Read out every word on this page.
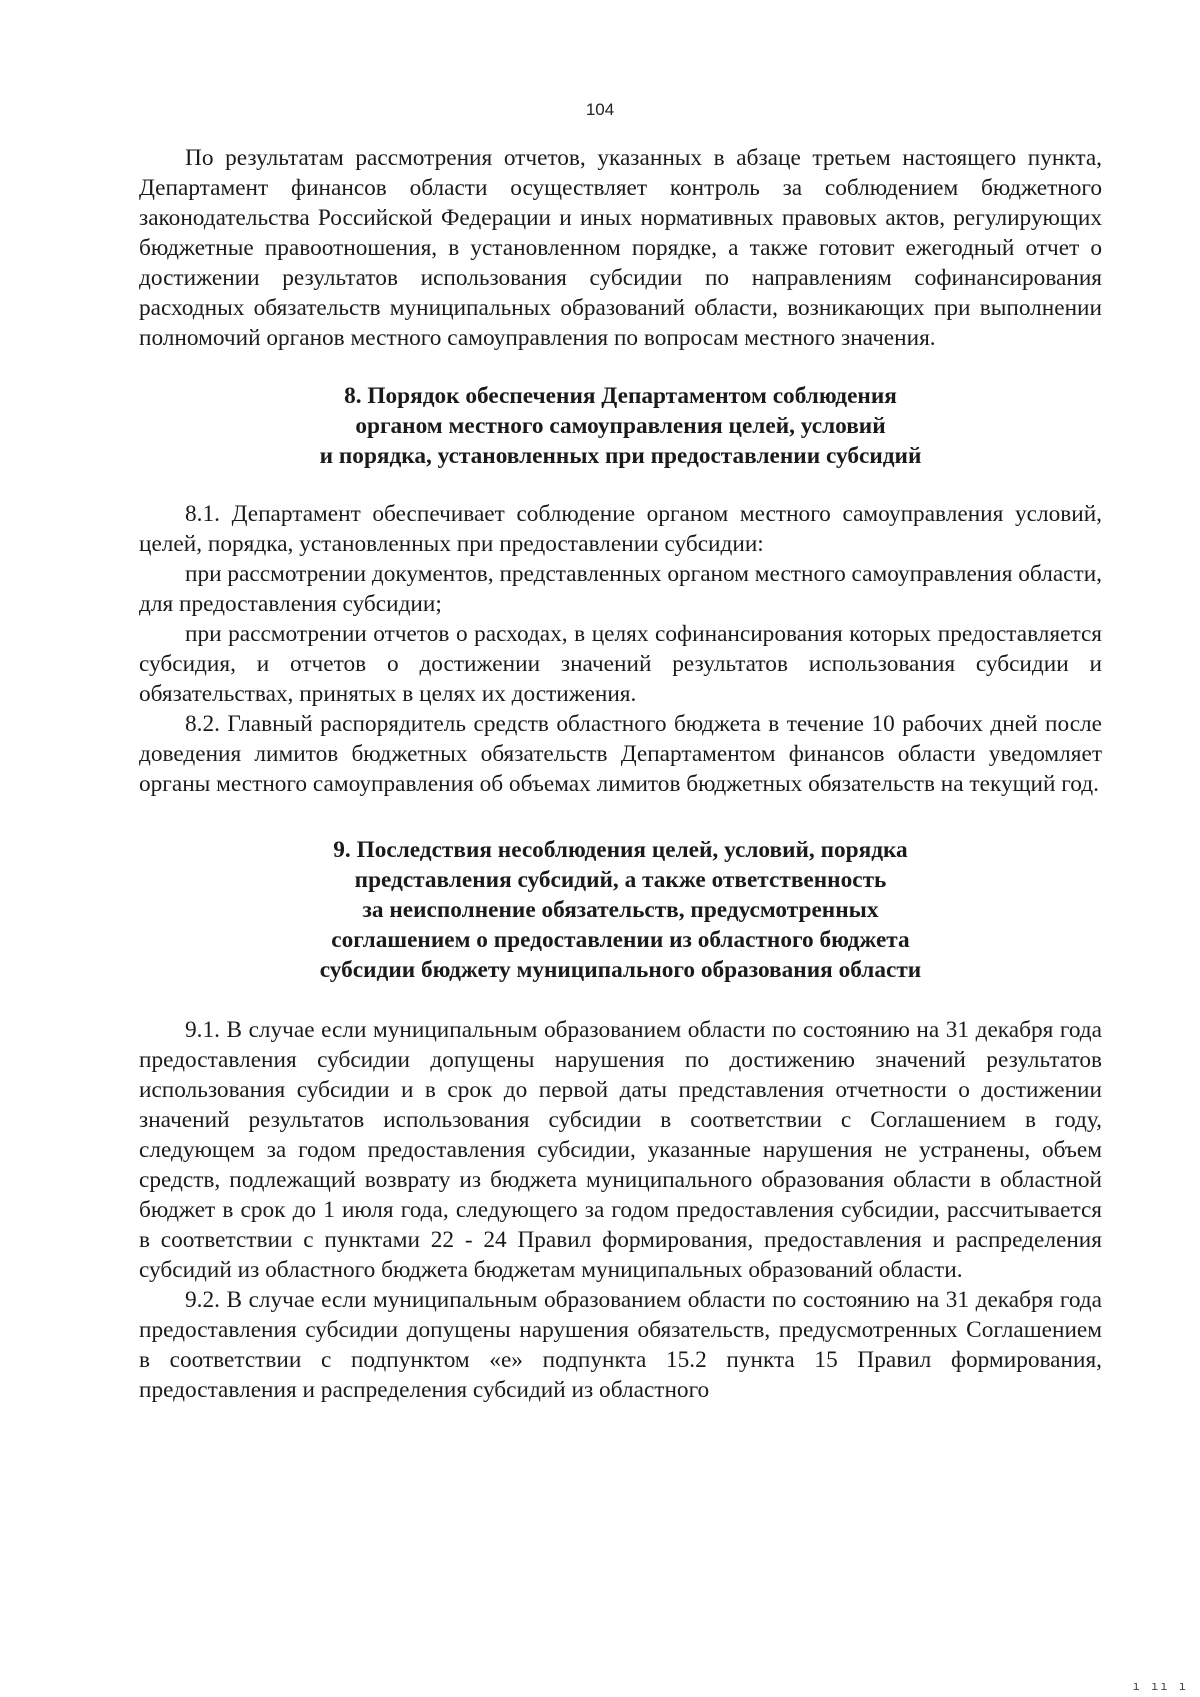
104

По результатам рассмотрения отчетов, указанных в абзаце третьем настоящего пункта, Департамент финансов области осуществляет контроль за соблюдением бюджетного законодательства Российской Федерации и иных нормативных правовых актов, регулирующих бюджетные правоотношения, в установленном порядке, а также готовит ежегодный отчет о достижении результатов использования субсидии по направлениям софинансирования расходных обязательств муниципальных образований области, возникающих при выполнении полномочий органов местного самоуправления по вопросам местного значения.

8. Порядок обеспечения Департаментом соблюдения
органом местного самоуправления целей, условий
и порядка, установленных при предоставлении субсидий

8.1. Департамент обеспечивает соблюдение органом местного самоуправления условий, целей, порядка, установленных при предоставлении субсидии:

при рассмотрении документов, представленных органом местного самоуправления области, для предоставления субсидии;

при рассмотрении отчетов о расходах, в целях софинансирования которых предоставляется субсидия, и отчетов о достижении значений результатов использования субсидии и обязательствах, принятых в целях их достижения.

8.2. Главный распорядитель средств областного бюджета в течение 10 рабочих дней после доведения лимитов бюджетных обязательств Департаментом финансов области уведомляет органы местного самоуправления об объемах лимитов бюджетных обязательств на текущий год.

9. Последствия несоблюдения целей, условий, порядка
представления субсидий, а также ответственность
за неисполнение обязательств, предусмотренных
соглашением о предоставлении из областного бюджета
субсидии бюджету муниципального образования области

9.1. В случае если муниципальным образованием области по состоянию на 31 декабря года предоставления субсидии допущены нарушения по достижению значений результатов использования субсидии и в срок до первой даты представления отчетности о достижении значений результатов использования субсидии в соответствии с Соглашением в году, следующем за годом предоставления субсидии, указанные нарушения не устранены, объем средств, подлежащий возврату из бюджета муниципального образования области в областной бюджет в срок до 1 июля года, следующего за годом предоставления субсидии, рассчитывается в соответствии с пунктами 22 - 24 Правил формирования, предоставления и распределения субсидий из областного бюджета бюджетам муниципальных образований области.

9.2. В случае если муниципальным образованием области по состоянию на 31 декабря года предоставления субсидии допущены нарушения обязательств, предусмотренных Соглашением в соответствии с подпунктом «е» подпункта 15.2 пункта 15 Правил формирования, предоставления и распределения субсидий из областного

ı ıı ı
